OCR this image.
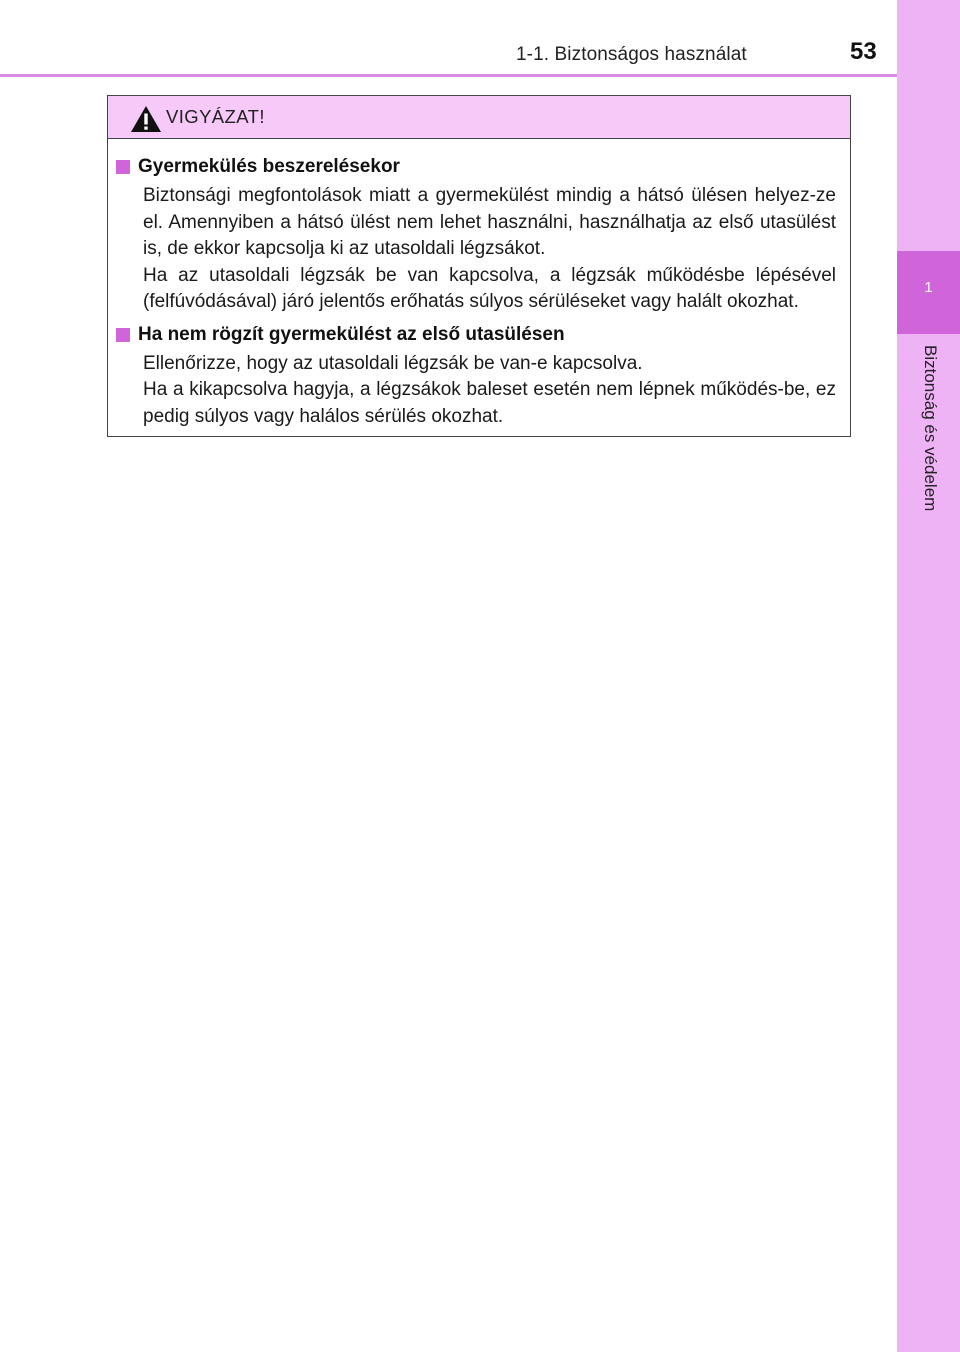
1-1. Biztonságos használat	53
1
Biztonság és védelem
VIGYÁZAT!
Gyermekülés beszerelésekor
Biztonsági megfontolások miatt a gyermekülést mindig a hátsó ülésen helyez-ze el. Amennyiben a hátsó ülést nem lehet használni, használhatja az első utasülést is, de ekkor kapcsolja ki az utasoldali légzsákot.
Ha az utasoldali légzsák be van kapcsolva, a légzsák működésbe lépésével (felfúvódásával) járó jelentős erőhatás súlyos sérüléseket vagy halált okozhat.
Ha nem rögzít gyermekülést az első utasülésen
Ellenőrizze, hogy az utasoldali légzsák be van-e kapcsolva.
Ha a kikapcsolva hagyja, a légzsákok baleset esetén nem lépnek működés-be, ez pedig súlyos vagy halálos sérülés okozhat.
